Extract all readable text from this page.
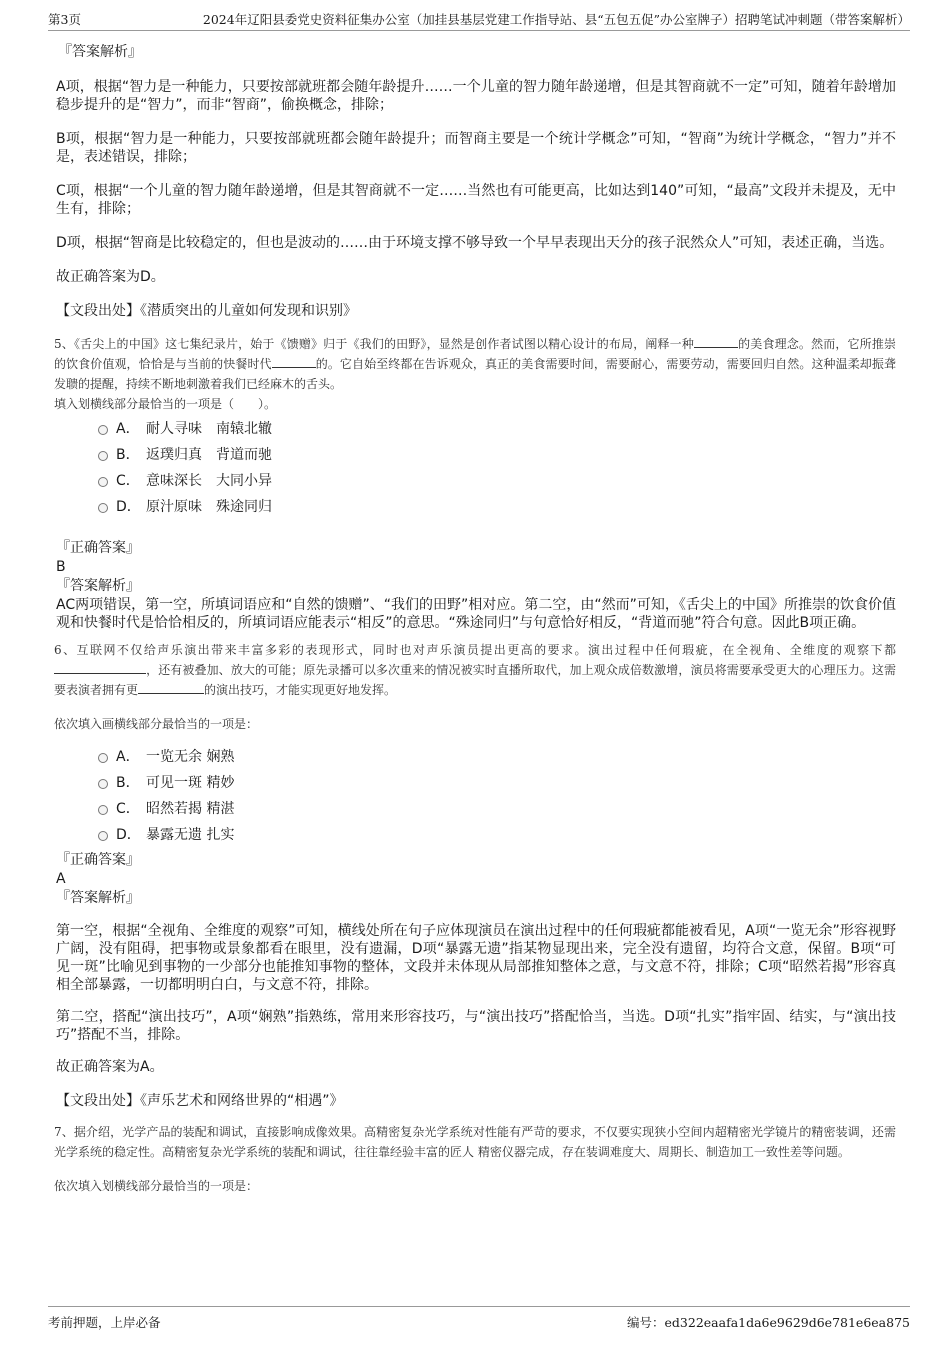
第3页	2024年辽阳县委党史资料征集办公室（加挂县基层党建工作指导站、县“五包五促”办公室牌子）招聘笔试冲刺题（带答案解析）

『答案解析』

A项，根据“智力是一种能力，只要按部就班都会随年龄提升……一个儿童的智力随年龄递增，但是其智商就不一定”可知，随着年龄增加稳步提升的是“智力”，而非“智商”，偷换概念，排除；

B项，根据“智力是一种能力，只要按部就班都会随年龄提升；而智商主要是一个统计学概念”可知，“智商”为统计学概念，“智力”并不是，表述错误，排除；

C项，根据“一个儿童的智力随年龄递增，但是其智商就不一定……当然也有可能更高，比如达到140”可知，“最高”文段并未提及，无中生有，排除；

D项，根据“智商是比较稳定的，但也是波动的……由于环境支撑不够导致一个早早表现出天分的孩子泯然众人”可知，表述正确，当选。

故正确答案为D。

【文段出处】《潜质突出的儿童如何发现和识别》

5、《舌尖上的中国》这七集纪录片，始于《馈赠》归于《我们的田野》，显然是创作者试图以精心设计的布局，阐释一种	的美食理念。然而，它所推崇的饮食价值观，恰恰是与当前的快餐时代	的。它自始至终都在告诉观众，真正的美食需要时间，需要耐心，需要劳动，需要回归自然。这种温柔却振聋发聩的提醒，持续不断地刺激着我们已经麻木的舌头。

填入划横线部分最恰当的一项是（　　）。

A． 耐人寻味　南辕北辙
B． 返璞归真　背道而驰
C． 意味深长　大同小异
D． 原汁原味　殊途同归

『正确答案』

B

『答案解析』

AC两项错误，第一空，所填词语应和“自然的馈赠”、“我们的田野”相对应。第二空，由“然而”可知，《舌尖上的中国》所推崇的饮食价值观和快餐时代是恰恰相反的，所填词语应能表示“相反”的意思。“殊途同归”与句意恰好相反，“背道而驰”符合句意。因此B项正确。

6、互联网不仅给声乐演出带来丰富多彩的表现形式，同时也对声乐演员提出更高的要求。演出过程中任何瑕疵，在全视角、全维度的观察下都，还有被叠加、放大的可能；原先录播可以多次重来的情况被实时直播所取代，加上观众成倍数激增，演员将需要承受更大的心理压力。这需要表演者拥有更	的演出技巧，才能实现更好地发挥。

依次填入画横线部分最恰当的一项是：

A． 一览无余 娴熟
B． 可见一斑 精妙
C． 昭然若揭 精湛
D． 暴露无遗 扎实

『正确答案』

A

『答案解析』

第一空，根据“全视角、全维度的观察”可知，横线处所在句子应体现演员在演出过程中的任何瑕疵都能被看见，A项“一览无余”形容视野广阔，没有阻碍，把事物或景象都看在眼里，没有遗漏，D项“暴露无遗”指某物显现出来，完全没有遗留，均符合文意，保留。B项“可见一斑”比喻见到事物的一少部分也能推知事物的整体，文段并未体现从局部推知整体之意，与文意不符，排除；C项“昭然若揭”形容真相全部暴露，一切都明明白白，与文意不符，排除。

第二空，搭配“演出技巧”，A项“娴熟”指熟练，常用来形容技巧，与“演出技巧”搭配恰当，当选。D项“扎实”指牢固、结实，与“演出技巧”搭配不当，排除。

故正确答案为A。

【文段出处】《声乐艺术和网络世界的“相遇”》

7、据介绍，光学产品的装配和调试，直接影响成像效果。高精密复杂光学系统对性能有严苛的要求，不仅要实现狭小空间内超精密光学镜片的精密装调，还需 光学系统的稳定性。高精密复杂光学系统的装配和调试，往往靠经验丰富的匠人 精密仪器完成，存在装调难度大、周期长、制造加工一致性差等问题。

依次填入划横线部分最恰当的一项是：

考前押题，上岸必备	编号：ed322eaafa1da6e9629d6e781e6ea875
